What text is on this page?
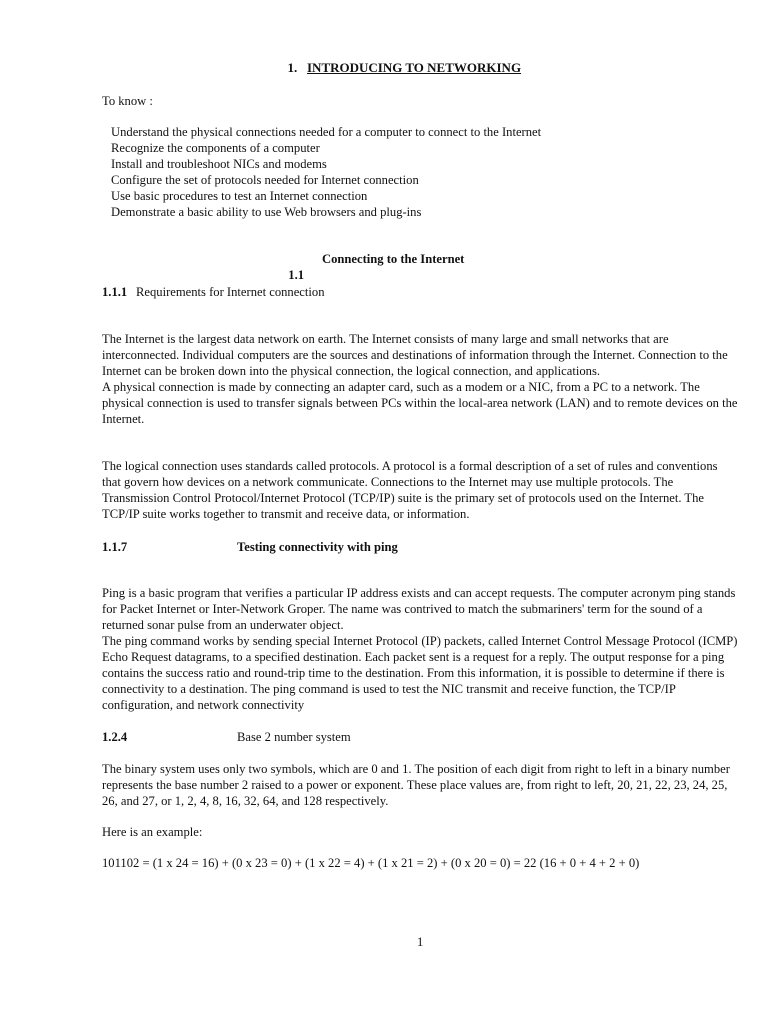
1. INTRODUCING TO NETWORKING

To know :
Understand the physical connections needed for a computer to connect to the Internet
Recognize the components of a computer
Install and troubleshoot NICs and modems
Configure the set of protocols needed for Internet connection
Use basic procedures to test an Internet connection
Demonstrate a basic ability to use Web browsers and plug-ins

1.1

Connecting to the Internet
1.1.1 Requirements for Internet connection

The Internet is the largest data network on earth. The Internet consists of many large and small networks that are interconnected. Individual computers are the sources and destinations of information through the Internet. Connection to the Internet can be broken down into the physical connection, the logical connection, and applications.

A physical connection is made by connecting an adapter card, such as a modem or a NIC, from a PC to a network. The physical connection is used to transfer signals between PCs within the local-area network (LAN) and to remote devices on the Internet.

The logical connection uses standards called protocols. A protocol is a formal description of a set of rules and conventions that govern how devices on a network communicate. Connections to the Internet may use multiple protocols. The Transmission Control Protocol/Internet Protocol (TCP/IP) suite is the primary set of protocols used on the Internet. The TCP/IP suite works together to transmit and receive data, or information.

1.1.7	Testing connectivity with ping

Ping is a basic program that verifies a particular IP address exists and can accept requests. The computer acronym ping stands for Packet Internet or Inter-Network Groper. The name was contrived to match the submariners' term for the sound of a returned sonar pulse from an underwater object.

The ping command works by sending special Internet Protocol (IP) packets, called Internet Control Message Protocol (ICMP) Echo Request datagrams, to a specified destination. Each packet sent is a request for a reply. The output response for a ping contains the success ratio and round-trip time to the destination. From this information, it is possible to determine if there is connectivity to a destination. The ping command is used to test the NIC transmit and receive function, the TCP/IP configuration, and network connectivity

1.2.4	Base 2 number system

The binary system uses only two symbols, which are 0 and 1. The position of each digit from right to left in a binary number represents the base number 2 raised to a power or exponent. These place values are, from right to left, 20, 21, 22, 23, 24, 25, 26, and 27, or 1, 2, 4, 8, 16, 32, 64, and 128 respectively.

Here is an example:
101102 = (1 x 24 = 16) + (0 x 23 = 0) + (1 x 22 = 4) + (1 x 21 = 2) + (0 x 20 = 0) = 22 (16 + 0 + 4 + 2 + 0)
1
